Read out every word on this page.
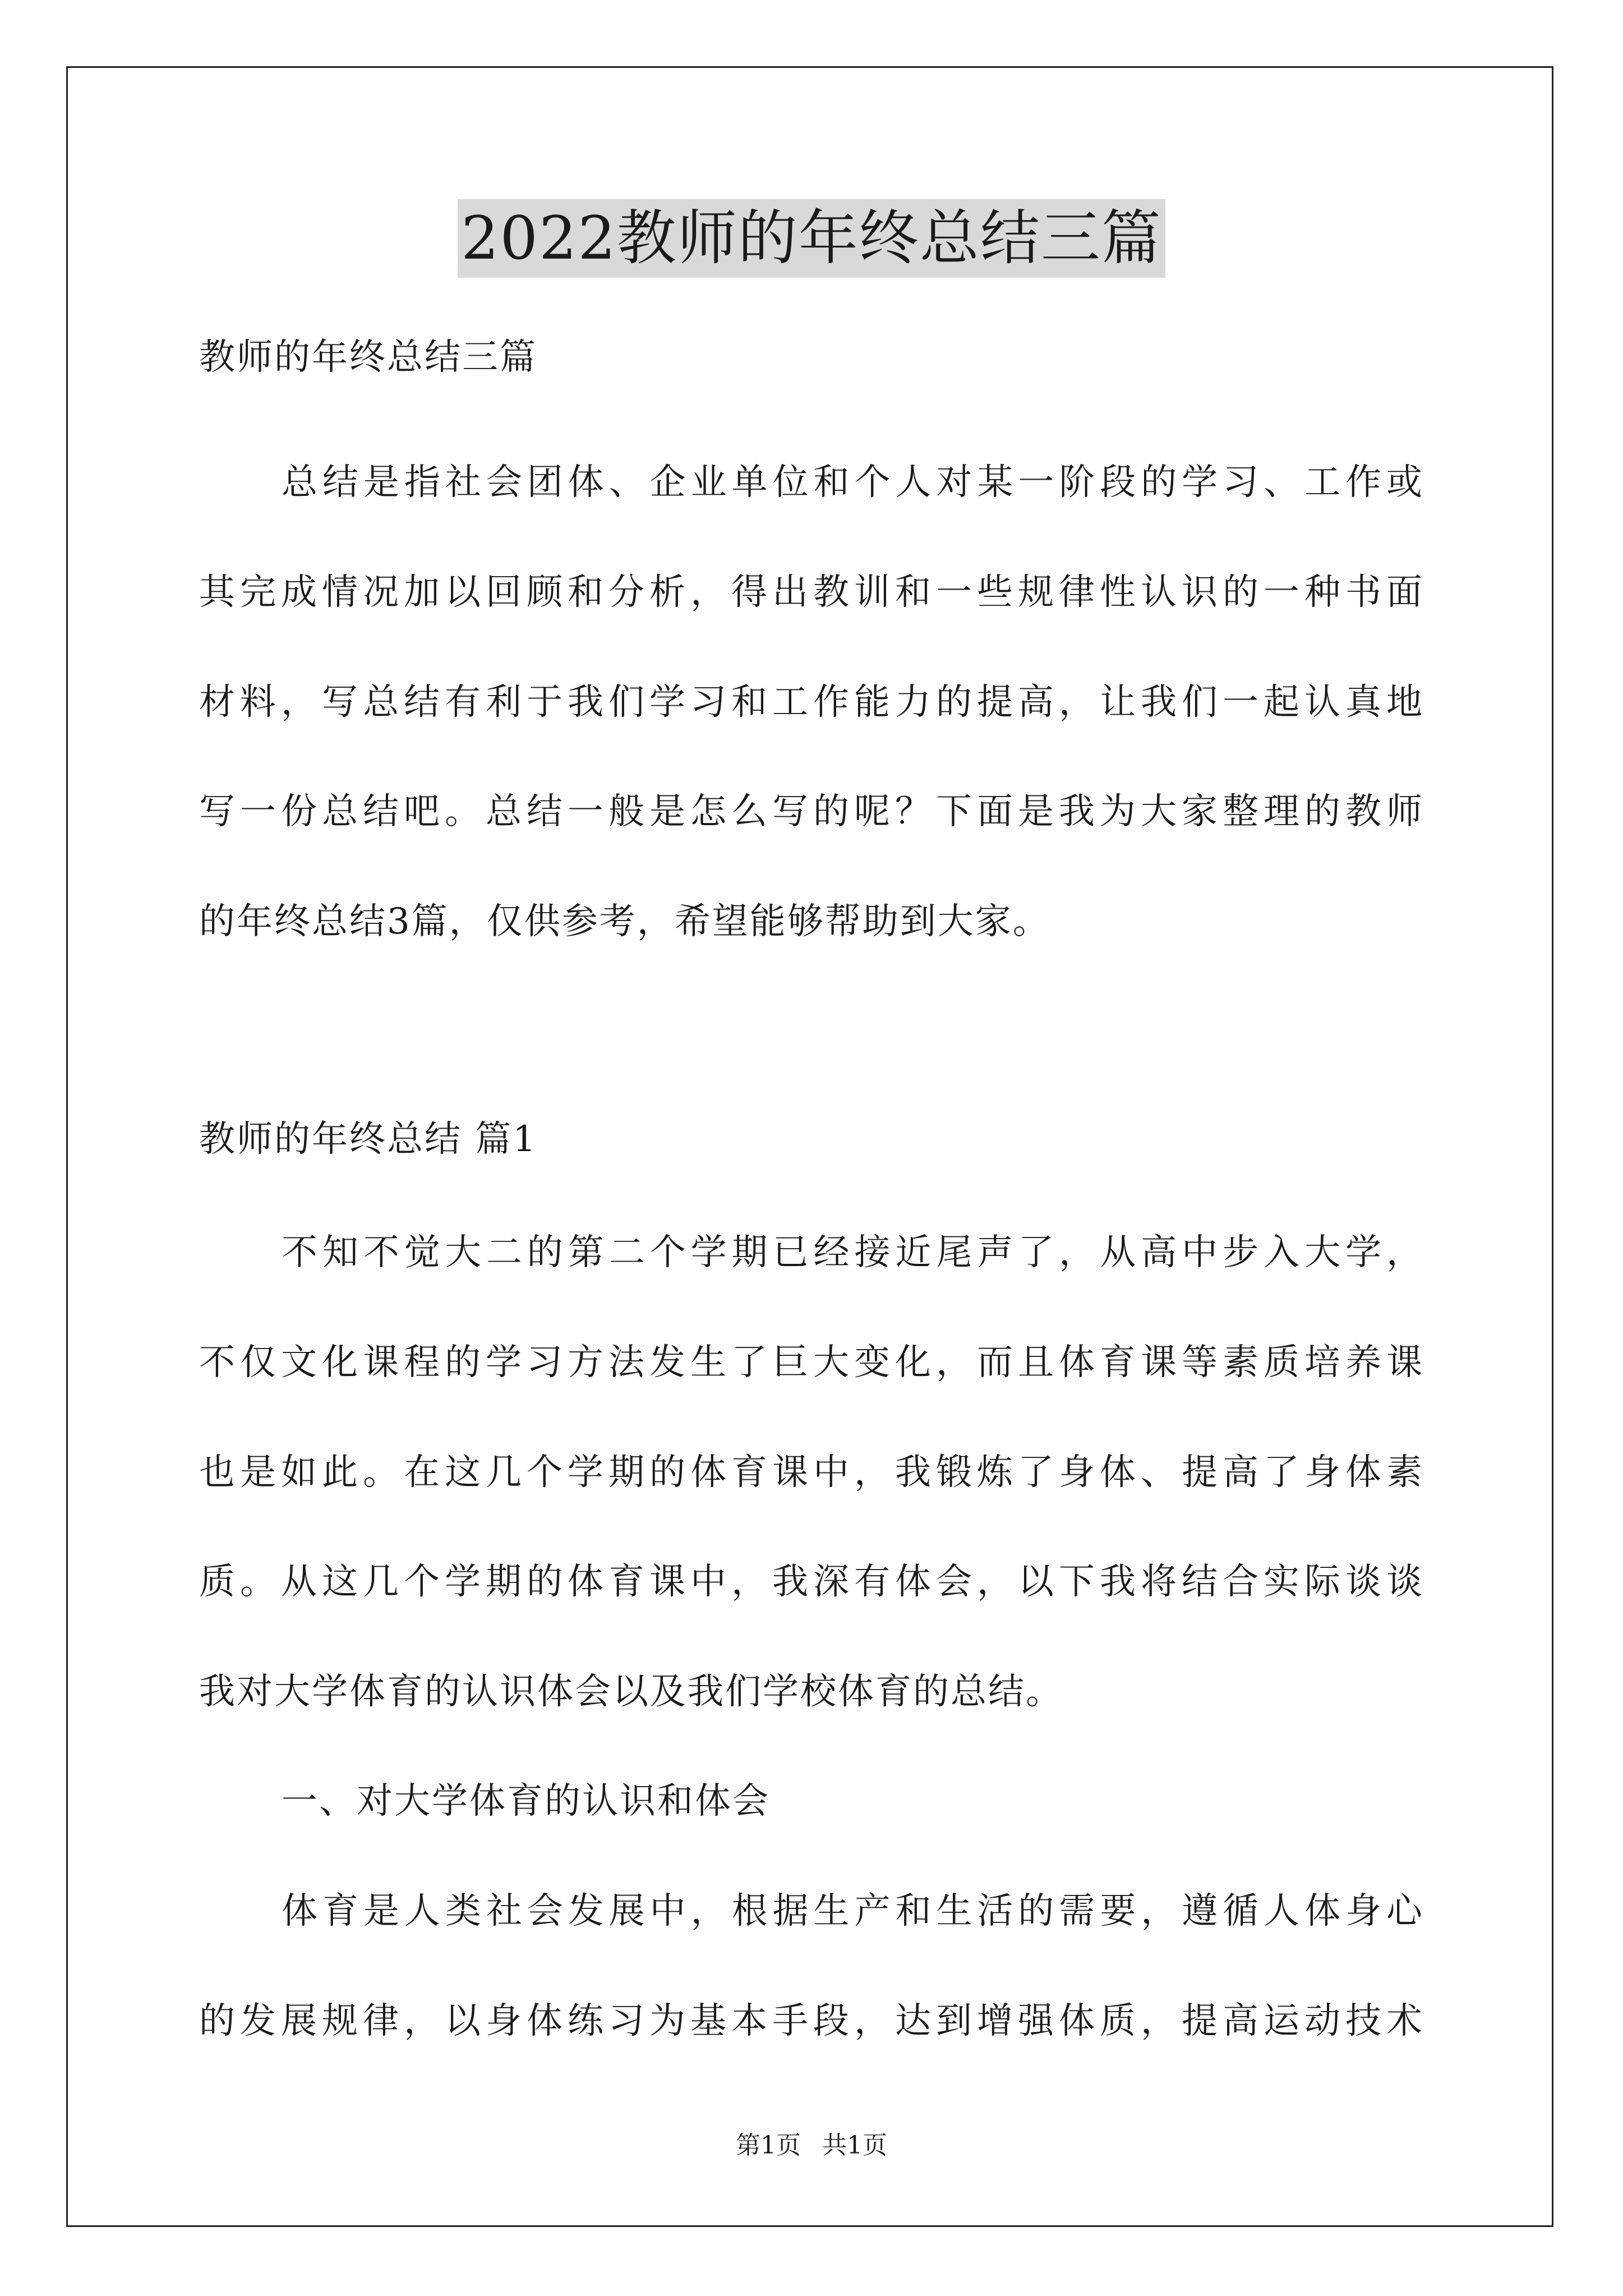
2022教师的年终总结三篇
教师的年终总结三篇
总结是指社会团体、企业单位和个人对某一阶段的学习、工作或
其完成情况加以回顾和分析，得出教训和一些规律性认识的一种书面
材料，写总结有利于我们学习和工作能力的提高，让我们一起认真地
写一份总结吧。总结一般是怎么写的呢？下面是我为大家整理的教师
的年终总结3篇，仅供参考，希望能够帮助到大家。
教师的年终总结 篇1
不知不觉大二的第二个学期已经接近尾声了，从高中步入大学，
不仅文化课程的学习方法发生了巨大变化，而且体育课等素质培养课
也是如此。在这几个学期的体育课中，我锻炼了身体、提高了身体素
质。从这几个学期的体育课中，我深有体会，以下我将结合实际谈谈
我对大学体育的认识体会以及我们学校体育的总结。
一、对大学体育的认识和体会
体育是人类社会发展中，根据生产和生活的需要，遵循人体身心
的发展规律，以身体练习为基本手段，达到增强体质，提高运动技术
第1页 共1页
